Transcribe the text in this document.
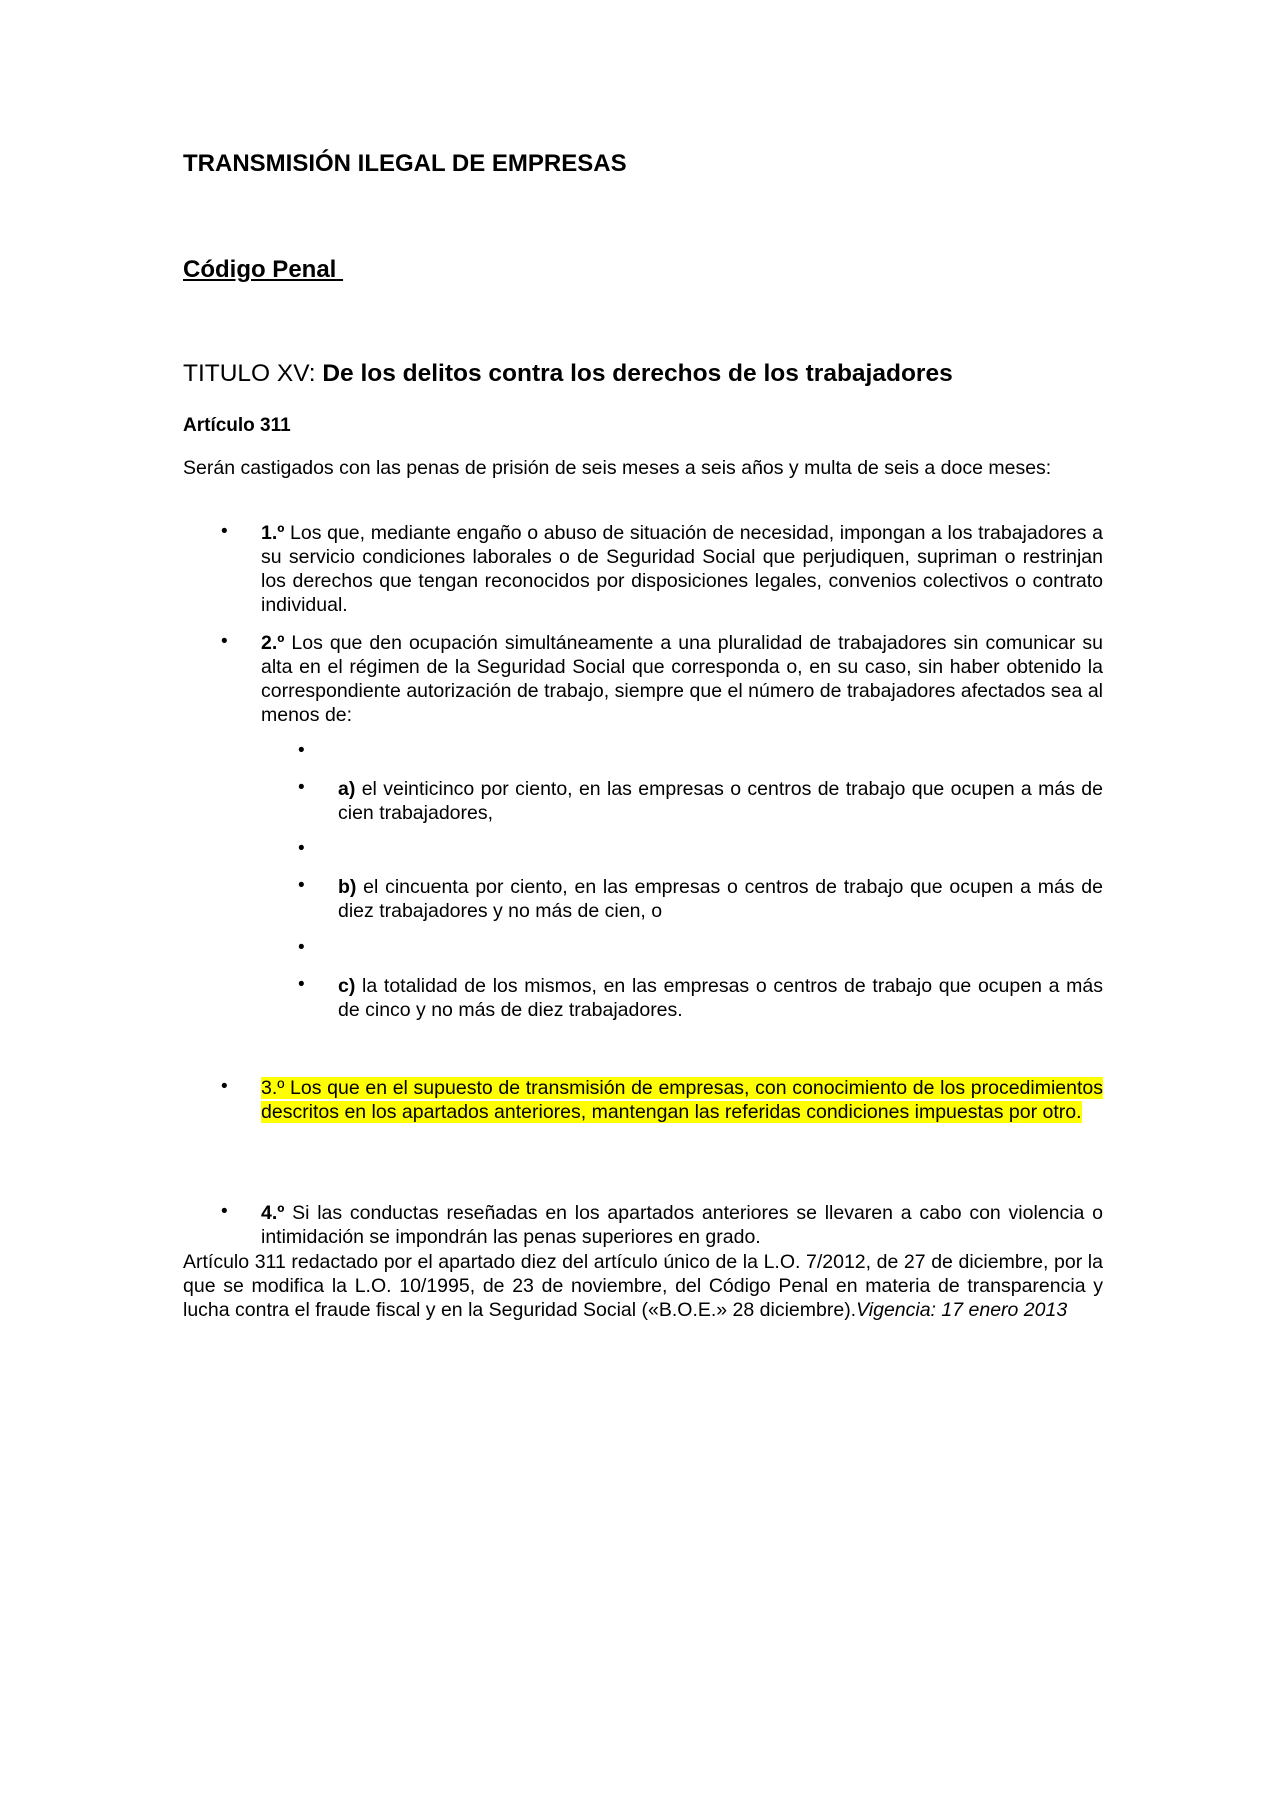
TRANSMISIÓN ILEGAL DE EMPRESAS
Código Penal
TITULO XV: De los delitos contra los derechos de los trabajadores
Artículo 311

Serán castigados con las penas de prisión de seis meses a seis años y multa de seis a doce meses:

• 1.º Los que, mediante engaño o abuso de situación de necesidad, impongan a los trabajadores a su servicio condiciones laborales o de Seguridad Social que perjudiquen, supriman o restrinjan los derechos que tengan reconocidos por disposiciones legales, convenios colectivos o contrato individual.

• 2.º Los que den ocupación simultáneamente a una pluralidad de trabajadores sin comunicar su alta en el régimen de la Seguridad Social que corresponda o, en su caso, sin haber obtenido la correspondiente autorización de trabajo, siempre que el número de trabajadores afectados sea al menos de:

•
• a) el veinticinco por ciento, en las empresas o centros de trabajo que ocupen a más de cien trabajadores,

•
• b) el cincuenta por ciento, en las empresas o centros de trabajo que ocupen a más de diez trabajadores y no más de cien, o

•
• c) la totalidad de los mismos, en las empresas o centros de trabajo que ocupen a más de cinco y no más de diez trabajadores.

• 3.º Los que en el supuesto de transmisión de empresas, con conocimiento de los procedimientos descritos en los apartados anteriores, mantengan las referidas condiciones impuestas por otro.

• 4.º Si las conductas reseñadas en los apartados anteriores se llevaren a cabo con violencia o intimidación se impondrán las penas superiores en grado.

Artículo 311 redactado por el apartado diez del artículo único de la L.O. 7/2012, de 27 de diciembre, por la que se modifica la L.O. 10/1995, de 23 de noviembre, del Código Penal en materia de transparencia y lucha contra el fraude fiscal y en la Seguridad Social («B.O.E.» 28 diciembre).Vigencia: 17 enero 2013
